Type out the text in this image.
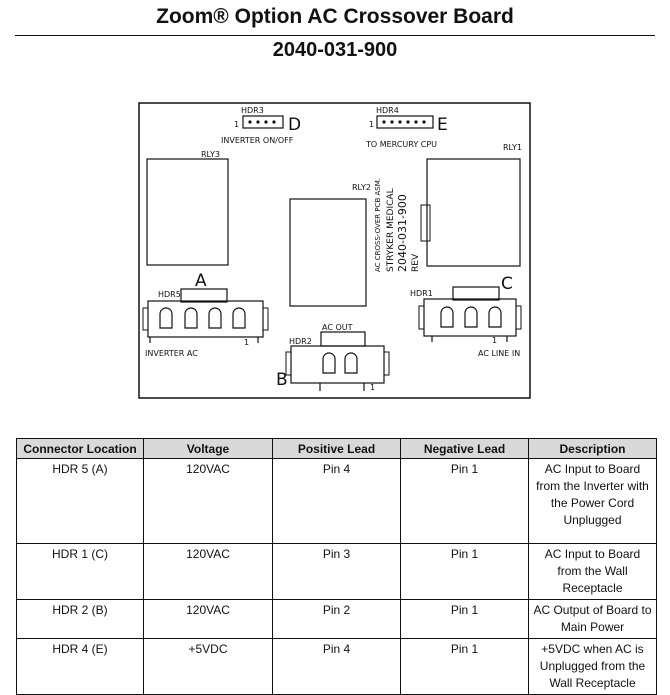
Zoom® Option AC Crossover Board
2040-031-900
HDR3
D
1
INVERTER ON/OFF
HDR4
E
1
TO MERCURY CPU
RLY3
RLY2
RLY1
AC CROSS-OVER PCB ASM. STRYKER MEDICAL 2040-031-900 REV
HDR5
A
1
INVERTER AC
HDR2
B	1
AC OUT
HDR1	C
1
AC LINE IN
Connector Location	Voltage	Positive Lead	Negative Lead	Description
HDR 5 (A)	120VAC	Pin 4	Pin 1	AC Input to Board from the Inverter with the Power Cord Unplugged
HDR 1 (C)	120VAC	Pin 3	Pin 1	AC Input to Board from the Wall Receptacle
HDR 2 (B)	120VAC	Pin 2	Pin 1	AC Output of Board to Main Power
HDR 4 (E)	+5VDC	Pin 4	Pin 1	+5VDC when AC is Unplugged from the Wall Receptacle
